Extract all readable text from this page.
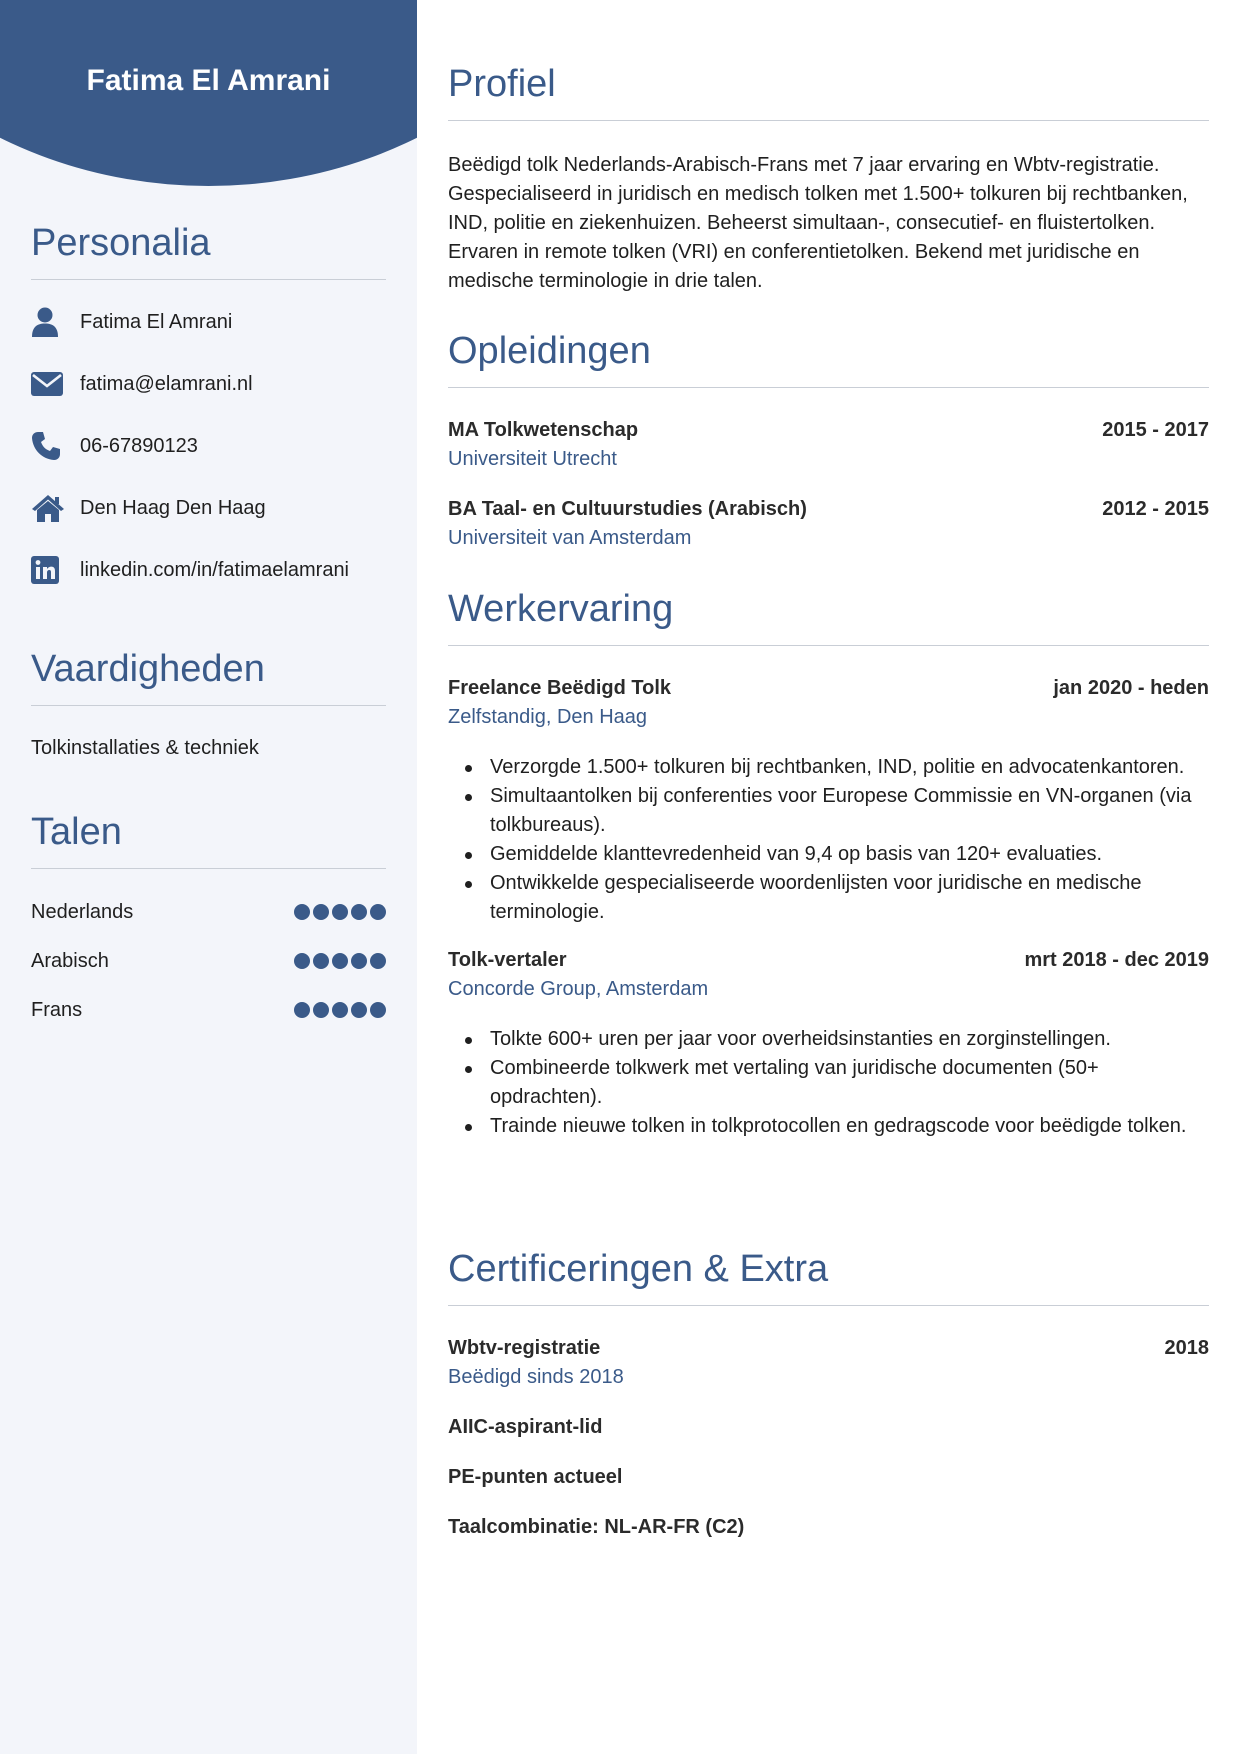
Fatima El Amrani
Personalia
Fatima El Amrani
fatima@elamrani.nl
06-67890123
Den Haag Den Haag
linkedin.com/in/fatimaelamrani
Vaardigheden
Tolkinstallaties & techniek
Talen
Nederlands
Arabisch
Frans
Profiel

Beëdigd tolk Nederlands-Arabisch-Frans met 7 jaar ervaring en Wbtv-registratie. Gespecialiseerd in juridisch en medisch tolken met 1.500+ tolkuren bij rechtbanken, IND, politie en ziekenhuizen. Beheerst simultaan-, consecutief- en fluistertolken. Ervaren in remote tolken (VRI) en conferentietolken. Bekend met juridische en medische terminologie in drie talen.

Opleidingen
MA Tolkwetenschap	2015 - 2017
Universiteit Utrecht
BA Taal- en Cultuurstudies (Arabisch)	2012 - 2015
Universiteit van Amsterdam
Werkervaring
Freelance Beëdigd Tolk	jan 2020 - heden
Zelfstandig, Den Haag
Verzorgde 1.500+ tolkuren bij rechtbanken, IND, politie en advocatenkantoren.
Simultaantolken bij conferenties voor Europese Commissie en VN-organen (via tolkbureaus).
Gemiddelde klanttevredenheid van 9,4 op basis van 120+ evaluaties.
Ontwikkelde gespecialiseerde woordenlijsten voor juridische en medische terminologie.
Tolk-vertaler	mrt 2018 - dec 2019
Concorde Group, Amsterdam
Tolkte 600+ uren per jaar voor overheidsinstanties en zorginstellingen.
Combineerde tolkwerk met vertaling van juridische documenten (50+ opdrachten).
Trainde nieuwe tolken in tolkprotocollen en gedragscode voor beëdigde tolken.
Certificeringen & Extra
Wbtv-registratie	2018
Beëdigd sinds 2018
AIIC-aspirant-lid
PE-punten actueel
Taalcombinatie: NL-AR-FR (C2)
